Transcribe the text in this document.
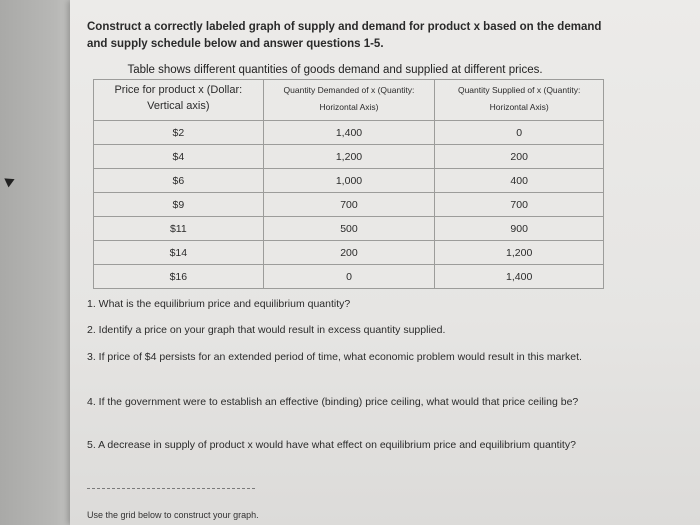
Construct a correctly labeled graph of supply and demand for product x based on the demand and supply schedule below and answer questions 1-5.
Table shows different quantities of goods demand and supplied at different prices.
Price for product x (Dollar: Vertical axis)	Quantity Demanded of x (Quantity: Horizontal Axis)	Quantity Supplied of x (Quantity: Horizontal Axis)
$2	1,400	0
$4	1,200	200
$6	1,000	400
$9	700	700
$11	500	900
$14	200	1,200
$16	0	1,400
1. What is the equilibrium price and equilibrium quantity?
2. Identify a price on your graph that would result in excess quantity supplied.
3. If price of $4 persists for an extended period of time, what economic problem would result in this market.
4. If the government were to establish an effective (binding) price ceiling, what would that price ceiling be?
5. A decrease in supply of product x would have what effect on equilibrium price and equilibrium quantity?
Use the grid below to construct your graph.
